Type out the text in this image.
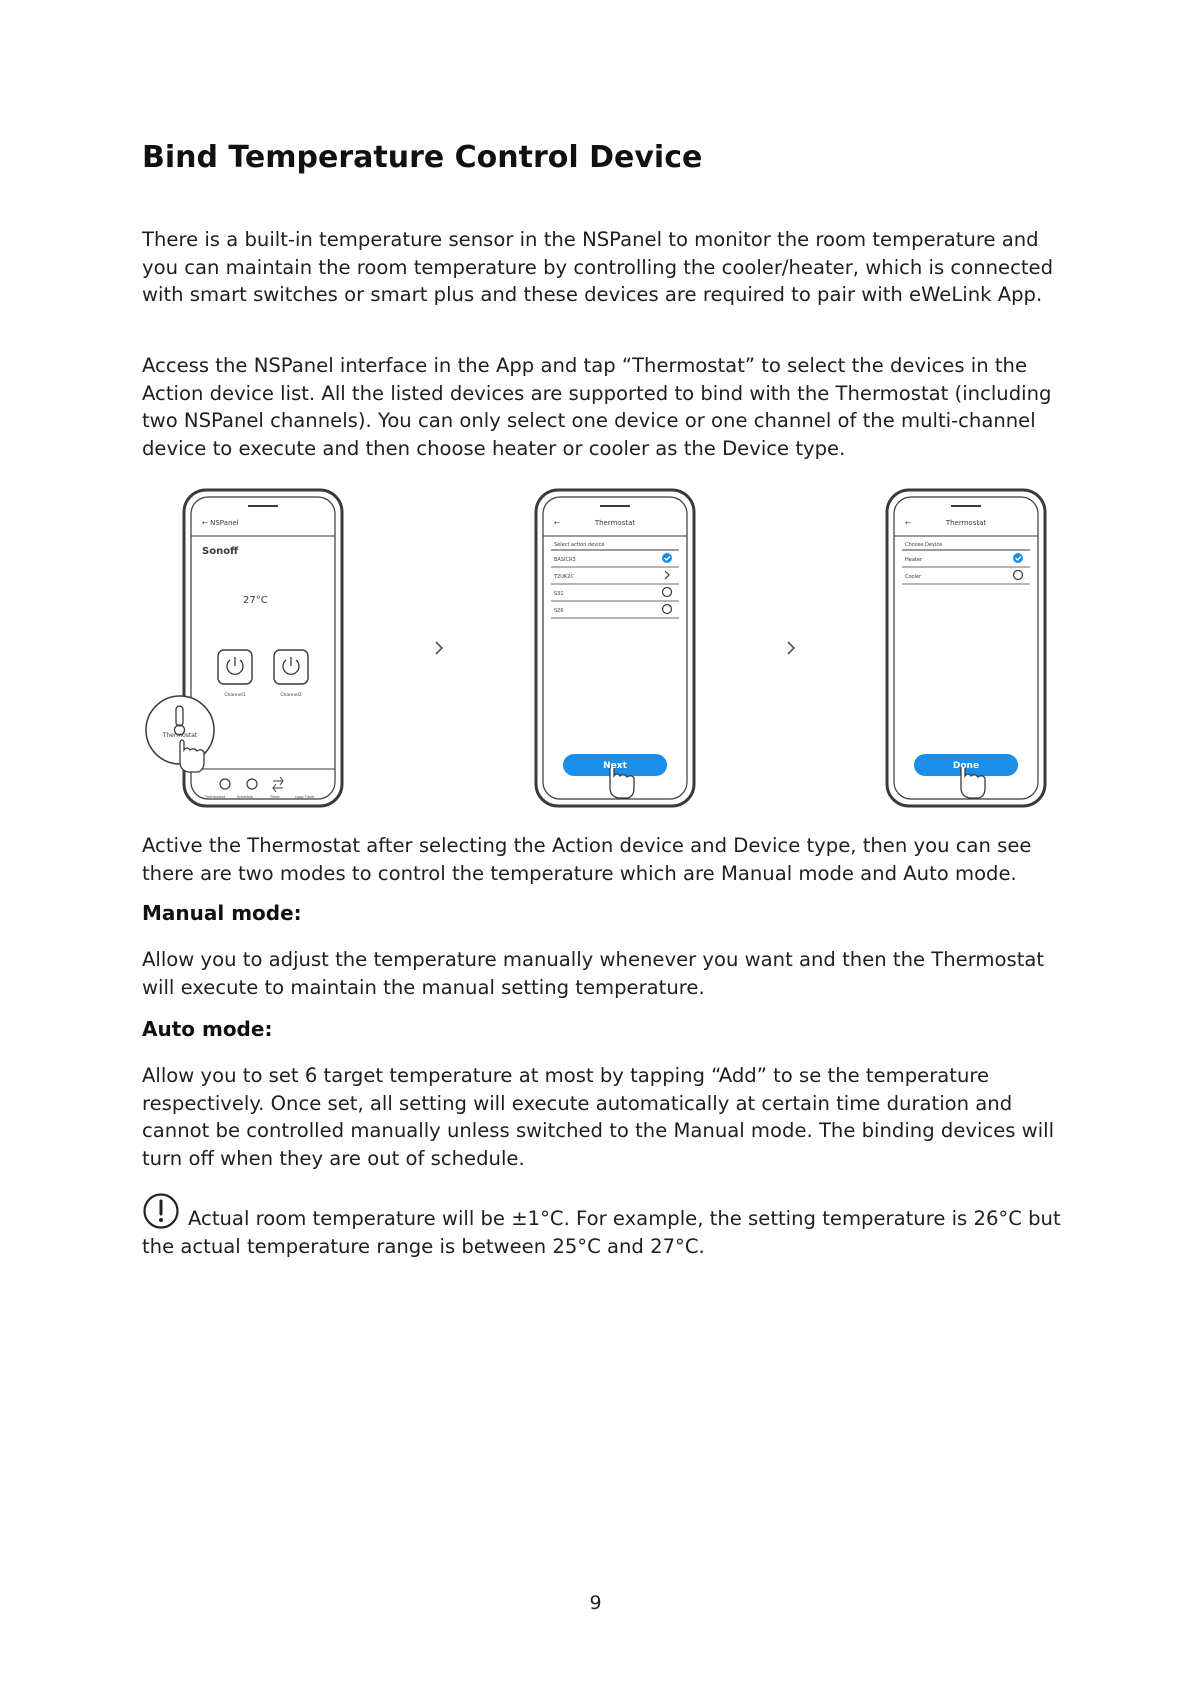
Bind Temperature Control Device

There is a built-in temperature sensor in the NSPanel to monitor the room temperature and you can maintain the room temperature by controlling the cooler/heater, which is connected with smart switches or smart plus and these devices are required to pair with eWeLink App.

Access the NSPanel interface in the App and tap “Thermostat” to select the devices in the Action device list. All the listed devices are supported to bind with the Thermostat (including two NSPanel channels). You can only select one device or one channel of the multi-channel device to execute and then choose heater or cooler as the Device type.

← NSPanel
Sonoff
27°C
Channel1	Channel2
Thermostat
Thermostat	Schedule	Timer	Loop Timer
←	Thermostat
Select action device
BASICR3
T2UK2C
S31
S26
Next
←	Thermostat
Choose Device
Heater
Cooler
Done

Active the Thermostat after selecting the Action device and Device type, then you can see there are two modes to control the temperature which are Manual mode and Auto mode.

Manual mode:

Allow you to adjust the temperature manually whenever you want and then the Thermostat will execute to maintain the manual setting temperature.

Auto mode:

Allow you to set 6 target temperature at most by tapping “Add” to se the temperature respectively. Once set, all setting will execute automatically at certain time duration and cannot be controlled manually unless switched to the Manual mode. The binding devices will turn off when they are out of schedule.

Actual room temperature will be ±1°C. For example, the setting temperature is 26°C but the actual temperature range is between 25°C and 27°C.

9
